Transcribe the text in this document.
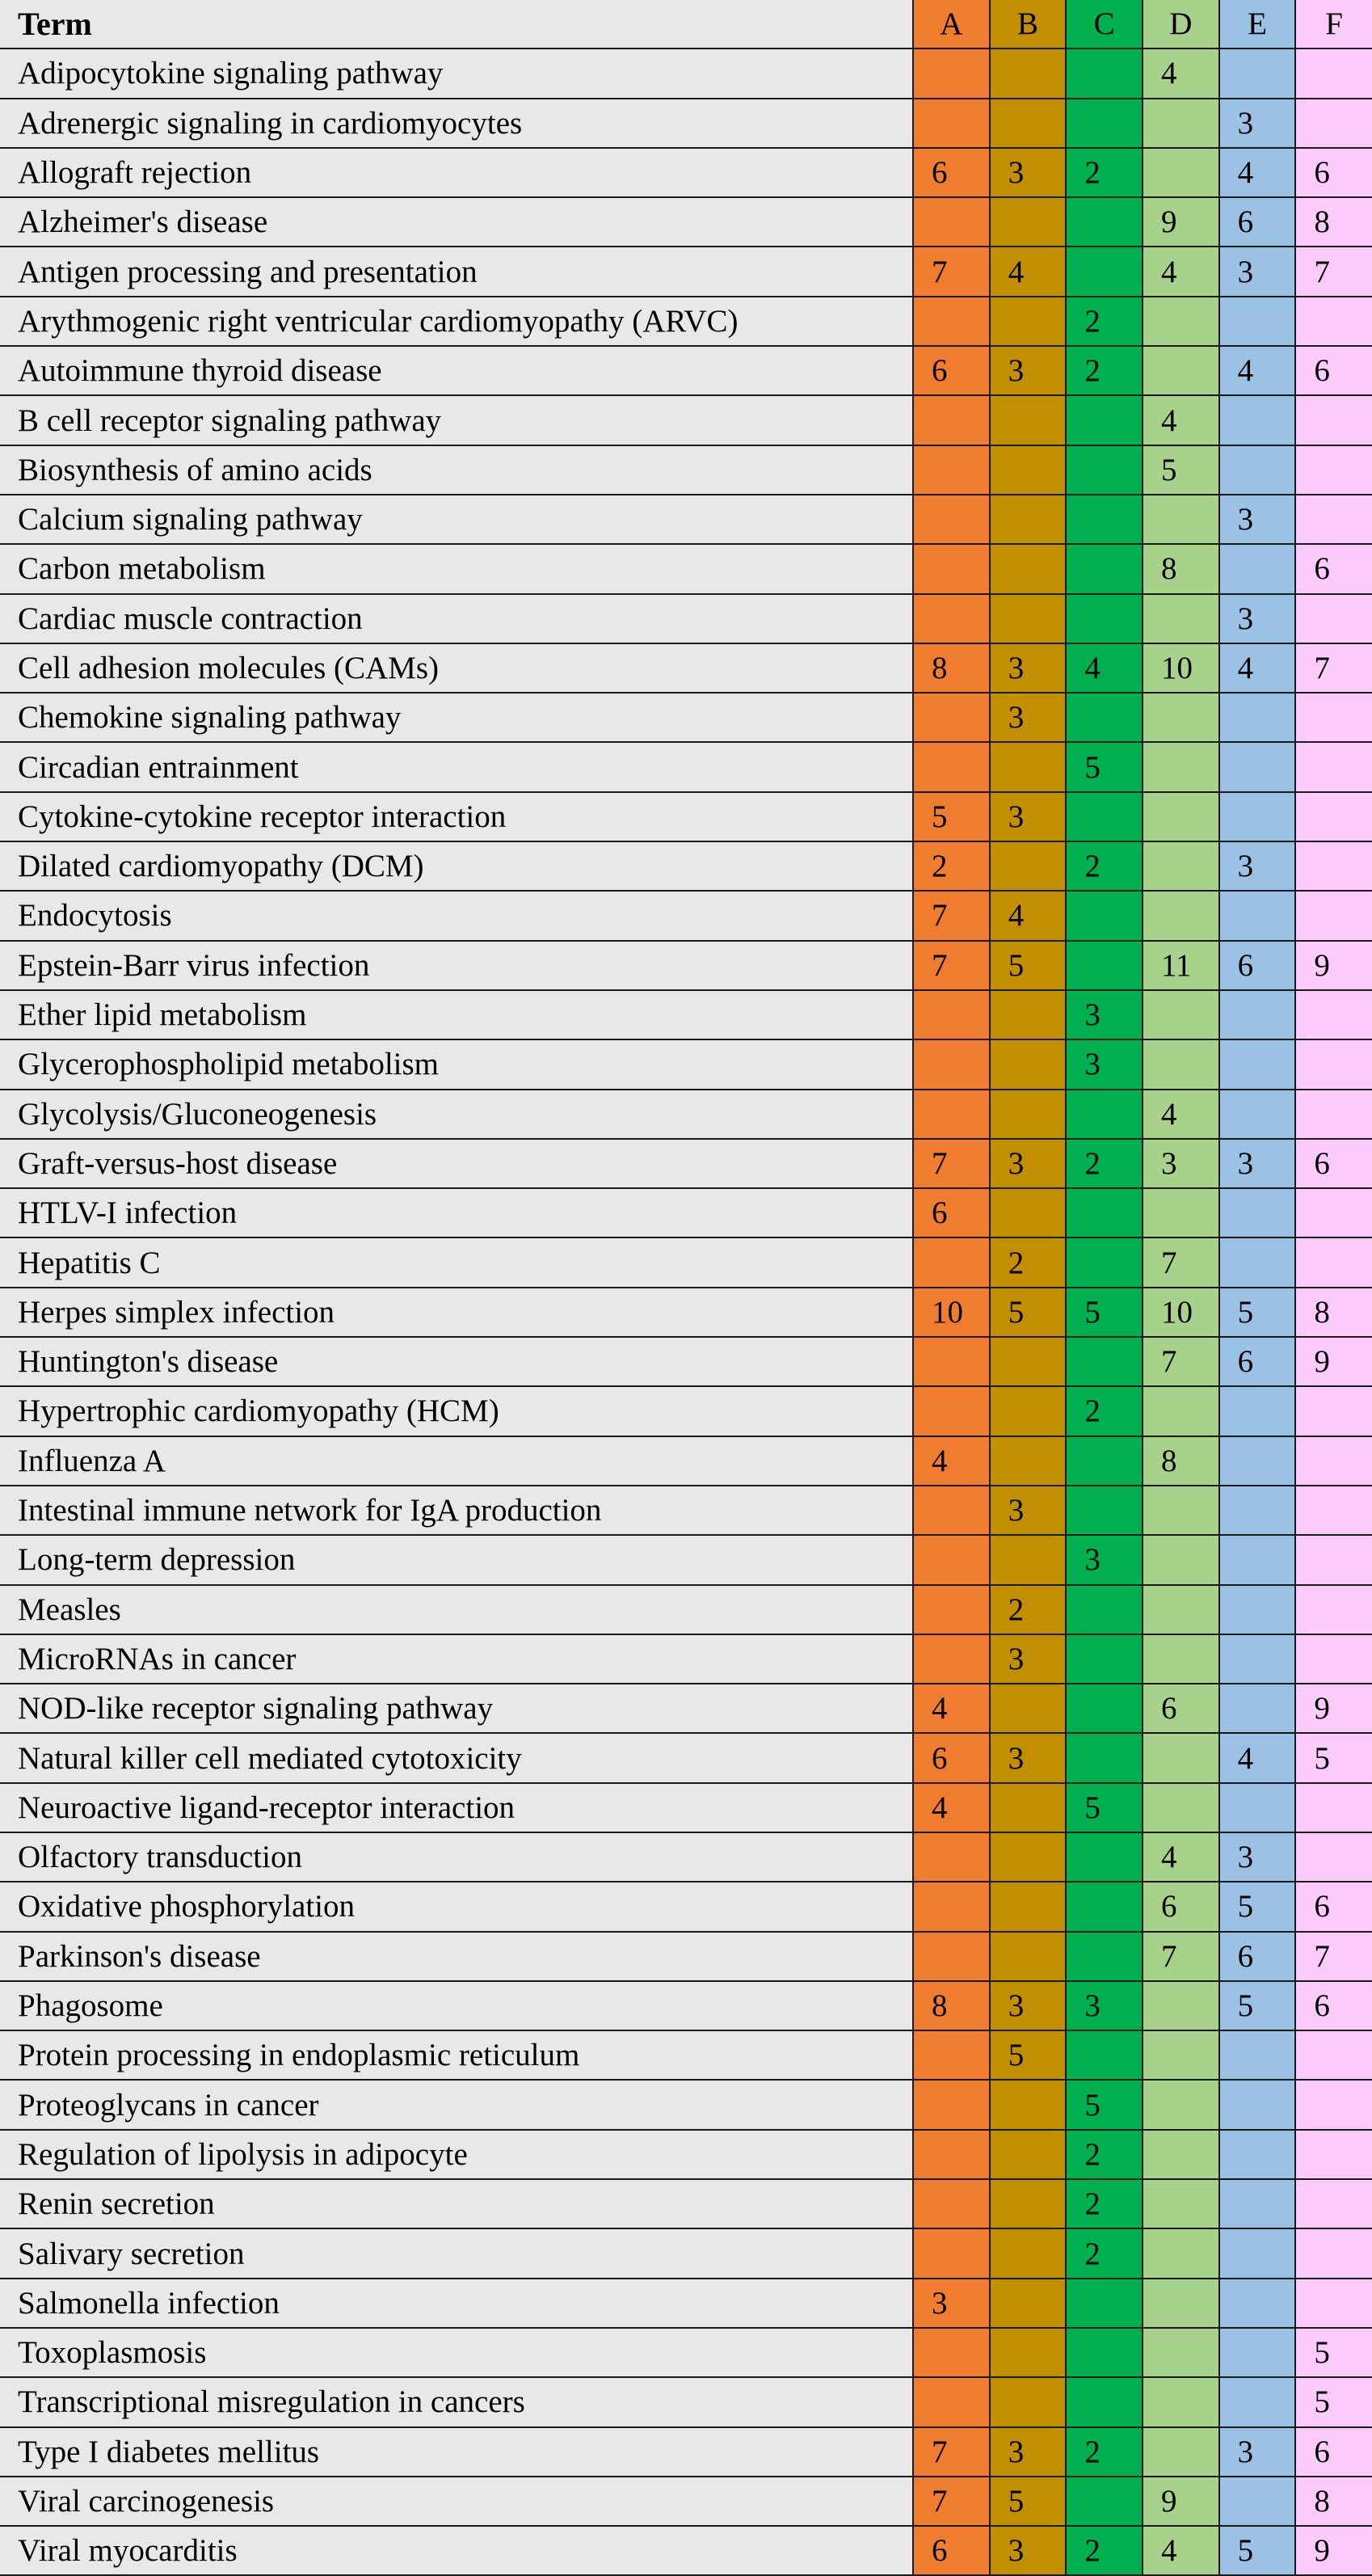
Term	A	B	C	D	E	F
Adipocytokine signaling pathway				4		
Adrenergic signaling in cardiomyocytes					3	
Allograft rejection	6	3	2		4	6
Alzheimer's disease				9	6	8
Antigen processing and presentation	7	4		4	3	7
Arythmogenic right ventricular cardiomyopathy (ARVC)			2			
Autoimmune thyroid disease	6	3	2		4	6
B cell receptor signaling pathway				4		
Biosynthesis of amino acids				5		
Calcium signaling pathway					3	
Carbon metabolism				8		6
Cardiac muscle contraction					3	
Cell adhesion molecules (CAMs)	8	3	4	10	4	7
Chemokine signaling pathway		3				
Circadian entrainment			5			
Cytokine-cytokine receptor interaction	5	3				
Dilated cardiomyopathy (DCM)	2		2		3	
Endocytosis	7	4				
Epstein-Barr virus infection	7	5		11	6	9
Ether lipid metabolism			3			
Glycerophospholipid metabolism			3			
Glycolysis/Gluconeogenesis				4		
Graft-versus-host disease	7	3	2	3	3	6
HTLV-I infection	6					
Hepatitis C		2		7		
Herpes simplex infection	10	5	5	10	5	8
Huntington's disease				7	6	9
Hypertrophic cardiomyopathy (HCM)			2			
Influenza A	4			8		
Intestinal immune network for IgA production		3				
Long-term depression			3			
Measles		2				
MicroRNAs in cancer		3				
NOD-like receptor signaling pathway	4			6		9
Natural killer cell mediated cytotoxicity	6	3			4	5
Neuroactive ligand-receptor interaction	4		5			
Olfactory transduction				4	3	
Oxidative phosphorylation				6	5	6
Parkinson's disease				7	6	7
Phagosome	8	3	3		5	6
Protein processing in endoplasmic reticulum		5				
Proteoglycans in cancer			5			
Regulation of lipolysis in adipocyte			2			
Renin secretion			2			
Salivary secretion			2			
Salmonella infection	3					
Toxoplasmosis						5
Transcriptional misregulation in cancers						5
Type I diabetes mellitus	7	3	2		3	6
Viral carcinogenesis	7	5		9		8
Viral myocarditis	6	3	2	4	5	9
